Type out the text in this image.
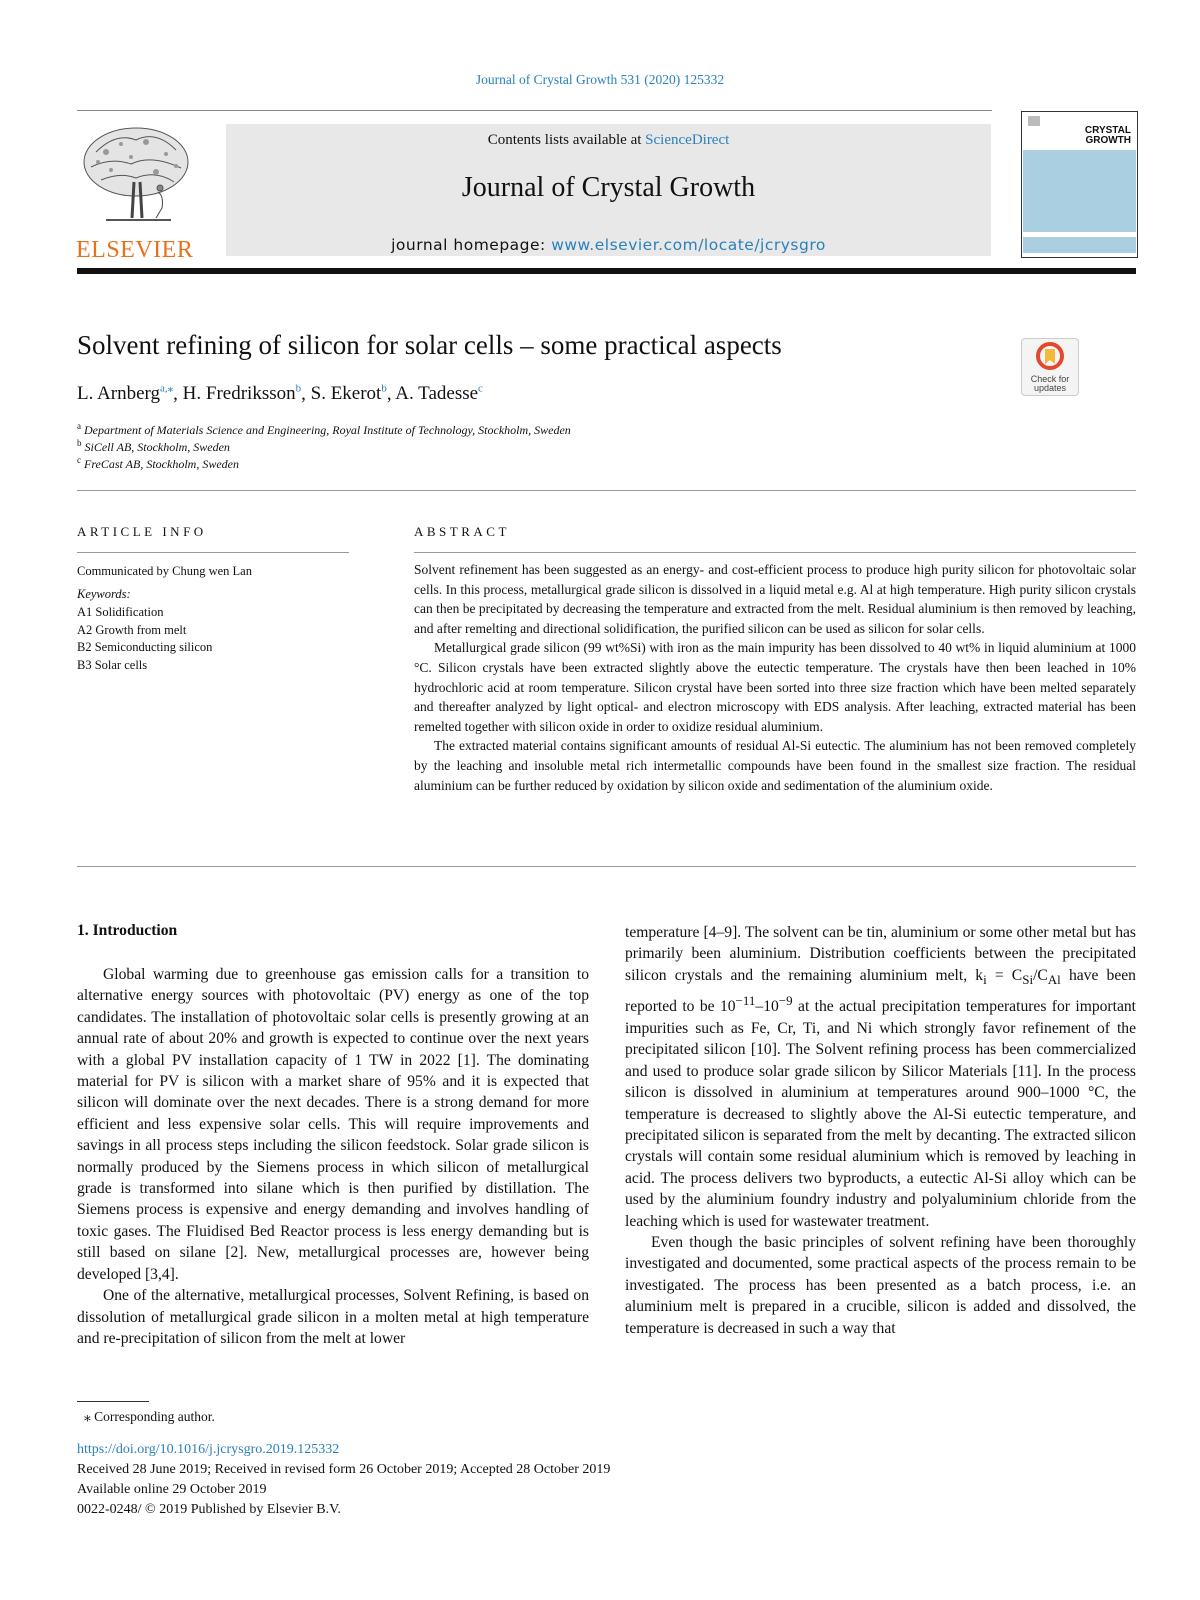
Journal of Crystal Growth 531 (2020) 125332
ELSEVIER
Contents lists available at ScienceDirect
Journal of Crystal Growth
journal homepage: www.elsevier.com/locate/jcrysgro
CRYSTAL
GROWTH
Solvent refining of silicon for solar cells – some practical aspects
Check for
updates
L. Arnberg$^{a,⁎}$, H. Fredriksson$^b$, S. Ekerot$^b$, A. Tadesse$^c$
$^a$ Department of Materials Science and Engineering, Royal Institute of Technology, Stockholm, Sweden
$^b$ SiCell AB, Stockholm, Sweden
$^c$ FreCast AB, Stockholm, Sweden
ARTICLE INFO
Communicated by Chung wen Lan
Keywords:
A1 Solidification
A2 Growth from melt
B2 Semiconducting silicon
B3 Solar cells
ABSTRACT

Solvent refinement has been suggested as an energy- and cost-efficient process to produce high purity silicon for photovoltaic solar cells. In this process, metallurgical grade silicon is dissolved in a liquid metal e.g. Al at high temperature. High purity silicon crystals can then be precipitated by decreasing the temperature and extracted from the melt. Residual aluminium is then removed by leaching, and after remelting and directional solidification, the purified silicon can be used as silicon for solar cells.

Metallurgical grade silicon (99 wt%Si) with iron as the main impurity has been dissolved to 40 wt% in liquid aluminium at 1000 °C. Silicon crystals have been extracted slightly above the eutectic temperature. The crystals have then been leached in 10% hydrochloric acid at room temperature. Silicon crystal have been sorted into three size fraction which have been melted separately and thereafter analyzed by light optical- and electron microscopy with EDS analysis. After leaching, extracted material has been remelted together with silicon oxide in order to oxidize residual aluminium.

The extracted material contains significant amounts of residual Al-Si eutectic. The aluminium has not been removed completely by the leaching and insoluble metal rich intermetallic compounds have been found in the smallest size fraction. The residual aluminium can be further reduced by oxidation by silicon oxide and sedimentation of the aluminium oxide.

1. Introduction

Global warming due to greenhouse gas emission calls for a transition to alternative energy sources with photovoltaic (PV) energy as one of the top candidates. The installation of photovoltaic solar cells is presently growing at an annual rate of about 20% and growth is expected to continue over the next years with a global PV installation capacity of 1 TW in 2022 [1]. The dominating material for PV is silicon with a market share of 95% and it is expected that silicon will dominate over the next decades. There is a strong demand for more efficient and less expensive solar cells. This will require improvements and savings in all process steps including the silicon feedstock. Solar grade silicon is normally produced by the Siemens process in which silicon of metallurgical grade is transformed into silane which is then purified by distillation. The Siemens process is expensive and energy demanding and involves handling of toxic gases. The Fluidised Bed Reactor process is less energy demanding but is still based on silane [2]. New, metallurgical processes are, however being developed [3,4].

One of the alternative, metallurgical processes, Solvent Refining, is based on dissolution of metallurgical grade silicon in a molten metal at high temperature and re-precipitation of silicon from the melt at lower

temperature [4–9]. The solvent can be tin, aluminium or some other metal but has primarily been aluminium. Distribution coefficients between the precipitated silicon crystals and the remaining aluminium melt, $k_i = C_{Si}/C_{Al}$ have been reported to be $10^{-11}-10^{-9}$ at the actual precipitation temperatures for important impurities such as Fe, Cr, Ti, and Ni which strongly favor refinement of the precipitated silicon [10]. The Solvent refining process has been commercialized and used to produce solar grade silicon by Silicor Materials [11]. In the process silicon is dissolved in aluminium at temperatures around 900–1000 °C, the temperature is decreased to slightly above the Al-Si eutectic temperature, and precipitated silicon is separated from the melt by decanting. The extracted silicon crystals will contain some residual aluminium which is removed by leaching in acid. The process delivers two byproducts, a eutectic Al-Si alloy which can be used by the aluminium foundry industry and polyaluminium chloride from the leaching which is used for wastewater treatment.

Even though the basic principles of solvent refining have been thoroughly investigated and documented, some practical aspects of the process remain to be investigated. The process has been presented as a batch process, i.e. an aluminium melt is prepared in a crucible, silicon is added and dissolved, the temperature is decreased in such a way that

⁎ Corresponding author.
https://doi.org/10.1016/j.jcrysgro.2019.125332
Received 28 June 2019; Received in revised form 26 October 2019; Accepted 28 October 2019
Available online 29 October 2019
0022-0248/ © 2019 Published by Elsevier B.V.
